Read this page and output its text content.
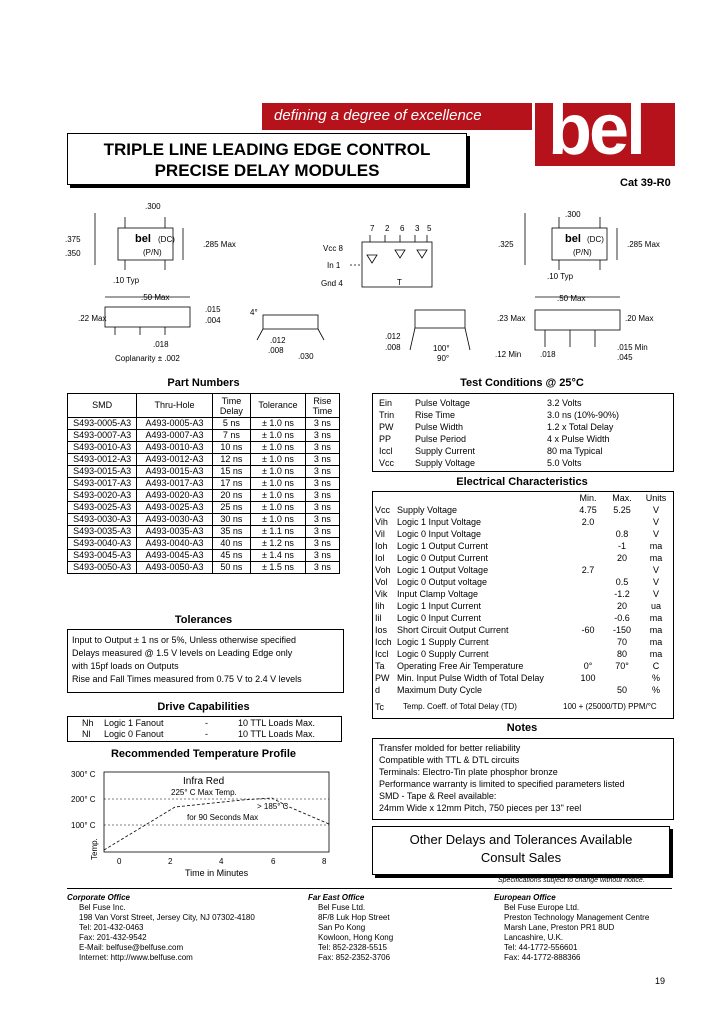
defining a degree of excellence bel
TRIPLE LINE LEADING EDGE CONTROL
PRECISE DELAY MODULES
Cat 39-R0
.300
.375
.350
bel (DC)
(P/N)
.285 Max
.10 Typ
.50 Max
.22 Max
.015
.004
.018
Coplanarity ± .002
7 2 6 3 5
Vcc 8
In 1
Gnd 4	T
4°
.012
.008
.030
.012
.008	100°
90°
.300
.325	bel (DC)
(P/N)
.285 Max
.10 Typ
.50 Max
.23 Max	.20 Max
.015 Min
.045
.12 Min .018
Part Numbers
SMD	Thru-Hole	Time Delay	Tolerance	Rise Time
S493-0005-A3	A493-0005-A3	5 ns	± 1.0 ns	3 ns
S493-0007-A3	A493-0007-A3	7 ns	± 1.0 ns	3 ns
S493-0010-A3	A493-0010-A3	10 ns	± 1.0 ns	3 ns
S493-0012-A3	A493-0012-A3	12 ns	± 1.0 ns	3 ns
S493-0015-A3	A493-0015-A3	15 ns	± 1.0 ns	3 ns
S493-0017-A3	A493-0017-A3	17 ns	± 1.0 ns	3 ns
S493-0020-A3	A493-0020-A3	20 ns	± 1.0 ns	3 ns
S493-0025-A3	A493-0025-A3	25 ns	± 1.0 ns	3 ns
S493-0030-A3	A493-0030-A3	30 ns	± 1.0 ns	3 ns
S493-0035-A3	A493-0035-A3	35 ns	± 1.1 ns	3 ns
S493-0040-A3	A493-0040-A3	40 ns	± 1.2 ns	3 ns
S493-0045-A3	A493-0045-A3	45 ns	± 1.4 ns	3 ns
S493-0050-A3	A493-0050-A3	50 ns	± 1.5 ns	3 ns
Tolerances
Input to Output ± 1 ns or 5%, Unless otherwise specified
Delays measured @ 1.5 V levels on Leading Edge only
with 15pf loads on Outputs
Rise and Fall Times measured from 0.75 V to 2.4 V levels
Drive Capabilities
Nh Logic 1 Fanout	-	10 TTL Loads Max.
Nl Logic 0 Fanout	-	10 TTL Loads Max.
Recommended Temperature Profile
300° C
200° C
100° C
Temp.
0	2	4	6	8
Time in Minutes
Infra Red
225° C Max Temp.
> 185° C
for 90 Seconds Max
Test Conditions @ 25°C
Ein	Pulse Voltage	3.2 Volts
Trin	Rise Time	3.0 ns (10%-90%)
PW	Pulse Width	1.2 x Total Delay
PP	Pulse Period	4 x Pulse Width
Iccl	Supply Current	80 ma Typical
Vcc	Supply Voltage	5.0 Volts
Electrical Characteristics
		Min.	Max.	Units
Vcc	Supply Voltage	4.75	5.25	V
Vih	Logic 1 Input Voltage	2.0		V
Vil	Logic 0 Input Voltage		0.8	V
Ioh	Logic 1 Output Current		-1	ma
Iol	Logic 0 Output Current		20	ma
Voh	Logic 1 Output Voltage	2.7		V
Vol	Logic 0 Output voltage		0.5	V
Vik	Input Clamp Voltage		-1.2	V
Iih	Logic 1 Input Current		20	ua
Iil	Logic 0 Input Current		-0.6	ma
Ios	Short Circuit Output Current	-60	-150	ma
Icch	Logic 1 Supply Current		70	ma
Iccl	Logic 0 Supply Current		80	ma
Ta	Operating Free Air Temperature	0°	70°	C
PW	Min. Input Pulse Width of Total Delay	100		%
d	Maximum Duty Cycle		50	%
Tc Temp. Coeff. of Total Delay (TD)	100 + (25000/TD) PPM/°C
Notes
Transfer molded for better reliability
Compatible with TTL & DTL circuits
Terminals: Electro-Tin plate phosphor bronze
Performance warranty is limited to specified parameters listed
SMD - Tape & Reel available:
24mm Wide x 12mm Pitch, 750 pieces per 13" reel
Other Delays and Tolerances Available
Consult Sales
Specifications subject to change without notice.
Corporate Office
Bel Fuse Inc.
198 Van Vorst Street, Jersey City, NJ 07302-4180
Tel: 201-432-0463
Fax: 201-432-9542
E-Mail: belfuse@belfuse.com
Internet: http://www.belfuse.com
Far East Office
Bel Fuse Ltd.
8F/8 Luk Hop Street
San Po Kong
Kowloon, Hong Kong
Tel: 852-2328-5515
Fax: 852-2352-3706
European Office
Bel Fuse Europe Ltd.
Preston Technology Management Centre
Marsh Lane, Preston PR1 8UD
Lancashire, U.K.
Tel: 44-1772-556601
Fax: 44-1772-888366
19
